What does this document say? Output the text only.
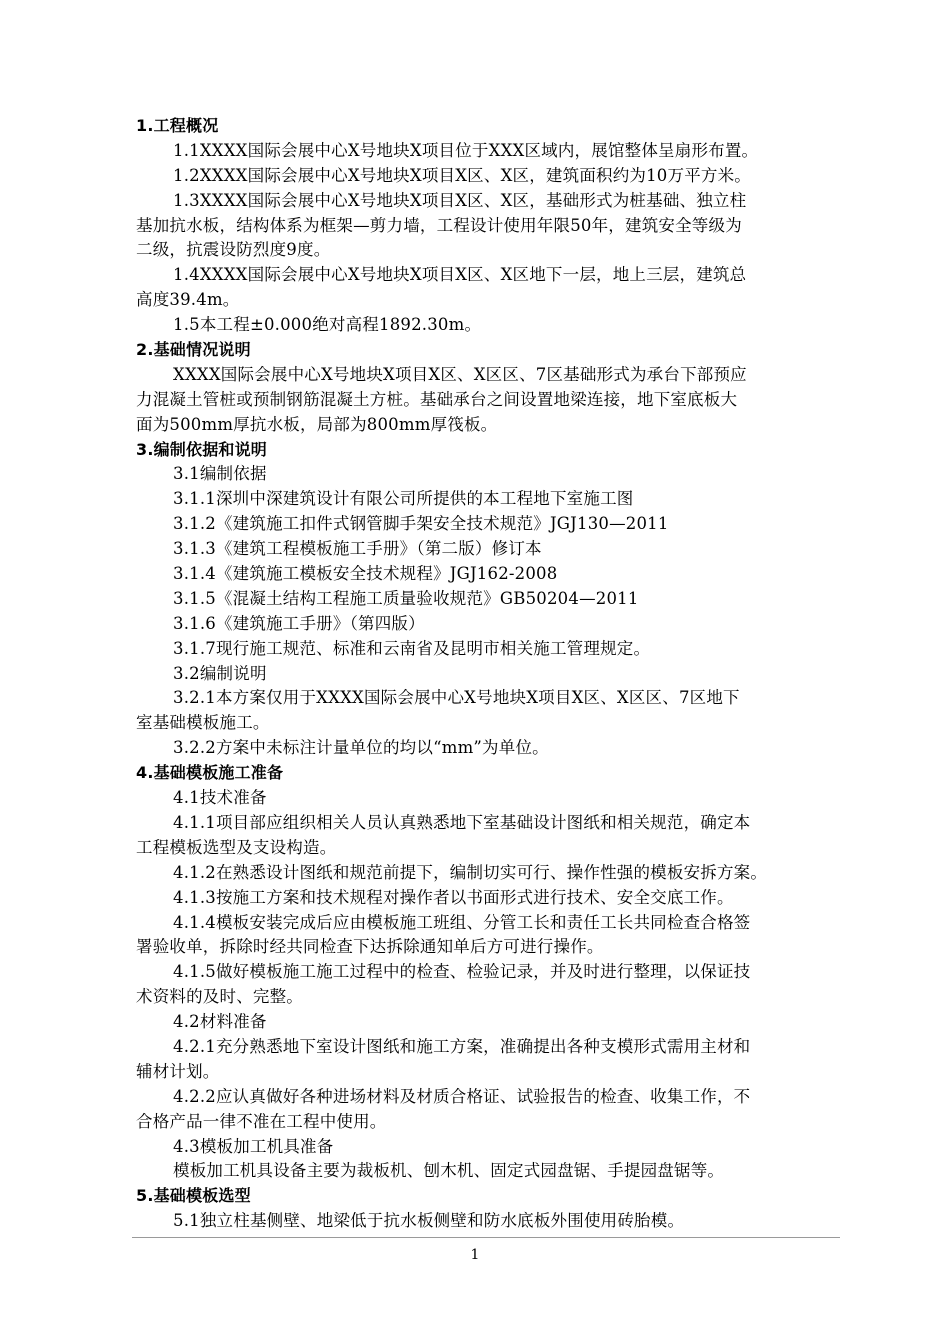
1.工程概况
1.1XXXX国际会展中心X号地块X项目位于XXX区域内，展馆整体呈扇形布置。
1.2XXXX国际会展中心X号地块X项目X区、X区，建筑面积约为10万平方米。
1.3XXXX国际会展中心X号地块X项目X区、X区，基础形式为桩基础、独立柱
基加抗水板，结构体系为框架—剪力墙，工程设计使用年限50年，建筑安全等级为
二级，抗震设防烈度9度。
1.4XXXX国际会展中心X号地块X项目X区、X区地下一层，地上三层，建筑总
高度39.4m。
1.5本工程±0.000绝对高程1892.30m。
2.基础情况说明
XXXX国际会展中心X号地块X项目X区、X区区、7区基础形式为承台下部预应
力混凝土管桩或预制钢筋混凝土方桩。基础承台之间设置地梁连接，地下室底板大
面为500mm厚抗水板，局部为800mm厚筏板。
3.编制依据和说明
3.1编制依据
3.1.1深圳中深建筑设计有限公司所提供的本工程地下室施工图
3.1.2《建筑施工扣件式钢管脚手架安全技术规范》JGJ130—2011
3.1.3《建筑工程模板施工手册》（第二版）修订本
3.1.4《建筑施工模板安全技术规程》JGJ162-2008
3.1.5《混凝土结构工程施工质量验收规范》GB50204—2011
3.1.6《建筑施工手册》（第四版）
3.1.7现行施工规范、标准和云南省及昆明市相关施工管理规定。
3.2编制说明
3.2.1本方案仅用于XXXX国际会展中心X号地块X项目X区、X区区、7区地下
室基础模板施工。
3.2.2方案中未标注计量单位的均以“mm”为单位。
4.基础模板施工准备
4.1技术准备
4.1.1项目部应组织相关人员认真熟悉地下室基础设计图纸和相关规范，确定本
工程模板选型及支设构造。
4.1.2在熟悉设计图纸和规范前提下，编制切实可行、操作性强的模板安拆方案。
4.1.3按施工方案和技术规程对操作者以书面形式进行技术、安全交底工作。
4.1.4模板安装完成后应由模板施工班组、分管工长和责任工长共同检查合格签
署验收单，拆除时经共同检查下达拆除通知单后方可进行操作。
4.1.5做好模板施工施工过程中的检查、检验记录，并及时进行整理，以保证技
术资料的及时、完整。
4.2材料准备
4.2.1充分熟悉地下室设计图纸和施工方案，准确提出各种支模形式需用主材和
辅材计划。
4.2.2应认真做好各种进场材料及材质合格证、试验报告的检查、收集工作，不
合格产品一律不准在工程中使用。
4.3模板加工机具准备
模板加工机具设备主要为裁板机、刨木机、固定式园盘锯、手提园盘锯等。
5.基础模板选型
5.1独立柱基侧壁、地梁低于抗水板侧壁和防水底板外围使用砖胎模。
1
